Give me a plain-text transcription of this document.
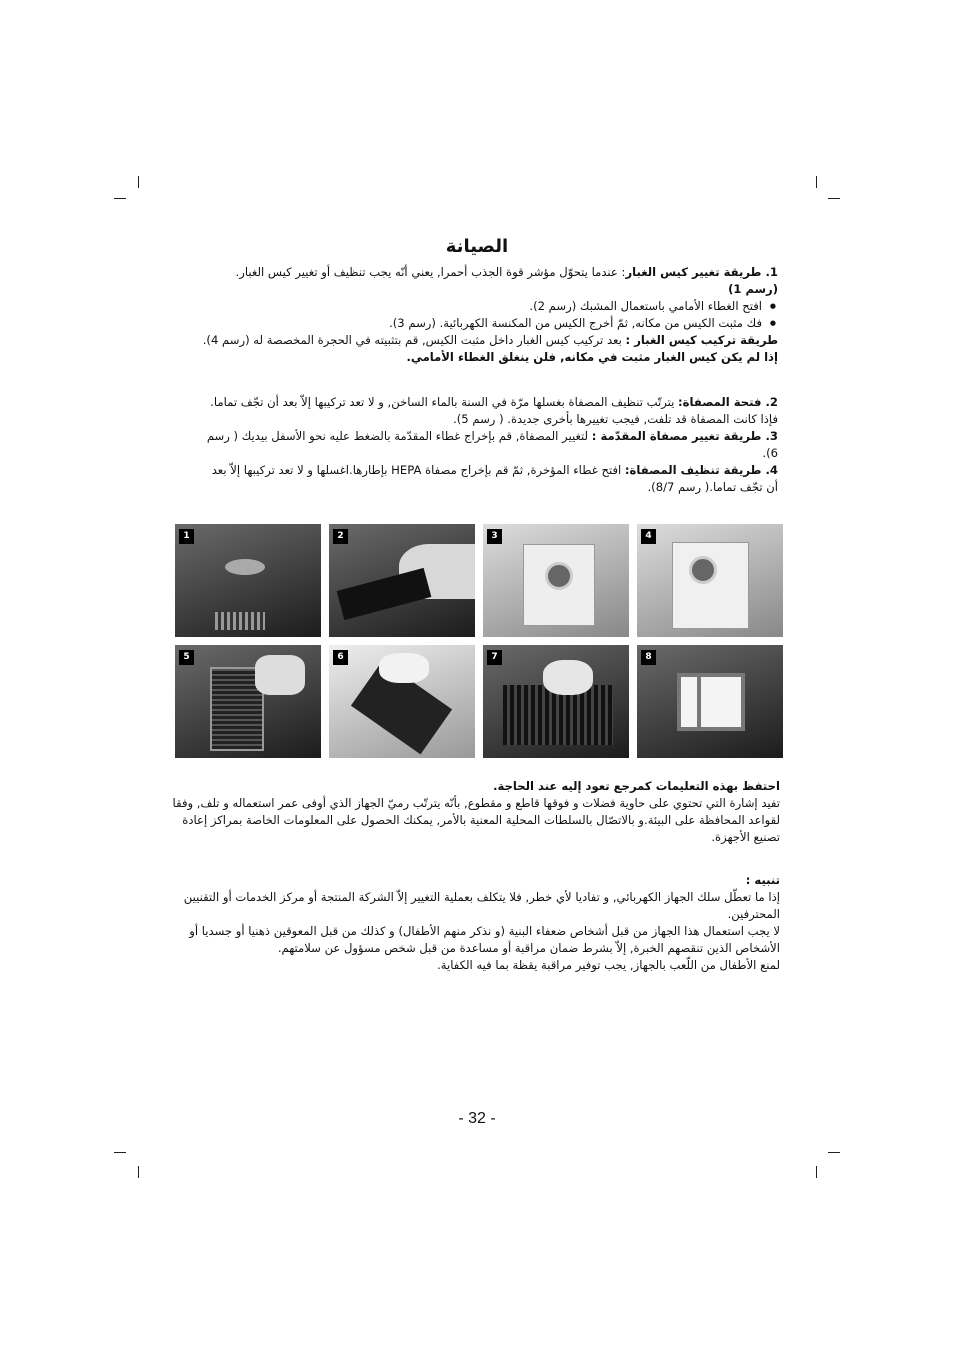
الصيانة

1. طريقة تغيير كيس الغبار: عندما يتحوّل مؤشر قوة الجذب أحمرا, يعني أنّه يجب تنظيف أو تغيير كيس الغبار. (رسم 1)

● افتح الغطاء الأمامي باستعمال المشبك (رسم 2).

● فك مثبت الكيس من مكانه, ثمّ أخرج الكيس من المكنسة الكهربائية. (رسم 3).

طريقة تركيب كيس الغبار : بعد تركيب كيس الغبار داخل مثبت الكيس, قم بتثبيته في الحجرة المخصصة له (رسم 4).

إذا لم يكن كيس الغبار مثبت في مكانه, فلن ينغلق الغطاء الأمامي.

2. فتحة المصفاة: يترتّب تنظيف المصفاة بغسلها مرّة في السنة بالماء الساخن, و لا تعد تركيبها إلاّ بعد أن تجّف تماما. فإذا كانت المصفاة قد تلفت, فيجب تغييرها بأخرى جديدة. ( رسم 5).

3. طريقة تغيير مصفاة المقدّمة : لتغيير المصفاة, قم بإخراج غطاء المقدّمة بالضغط عليه نحو الأسفل بيديك ( رسم 6).

4. طريقة تنظيف المصفاة: افتح غطاء المؤخرة, ثمّ قم بإخراج مصفاة HEPA بإطارها.اغسلها و لا تعد تركيبها إلاّ بعد أن تجّف تماما.( رسم 8/7).

1	2	3	4
5	6	7	8

احتفظ بهذه التعليمات كمرجع تعود إليه عند الحاجة.

تفيد إشارة التي تحتوي على حاوية فضلات و فوقها قاطع و مقطوع, بأنّه يترتّب رميّ الجهاز الذي أوفى عمر استعماله و تلف, وفقا لقواعد المحافظة على البيئة.و بالاتصّال بالسلطات المحلية المعنية بالأمر, يمكنك الحصول على المعلومات الخاصة بمراكز إعادة تصنيع الأجهزة.

تنبيه :

إذا ما تعطّل سلك الجهاز الكهربائي, و تفاديا لأي خطر, فلا يتكلف بعملية التغيير إلاّ الشركة المنتجة أو مركز الخدمات أو التقنيين المحترفين.

لا يجب استعمال هذا الجهاز من قبل أشخاص ضعفاء البنية (و نذكر منهم الأطفال) و كذلك من قبل المعوقين ذهنيا أو جسديا أو الأشخاص الذين تنقصهم الخبرة, إلاّ بشرط ضمان مراقبة أو مساعدة من قبل شخص مسؤول عن سلامتهم.

لمنع الأطفال من اللّعب بالجهاز, يجب توفير مراقبة يقظة بما فيه الكفاية.

- 32 -
